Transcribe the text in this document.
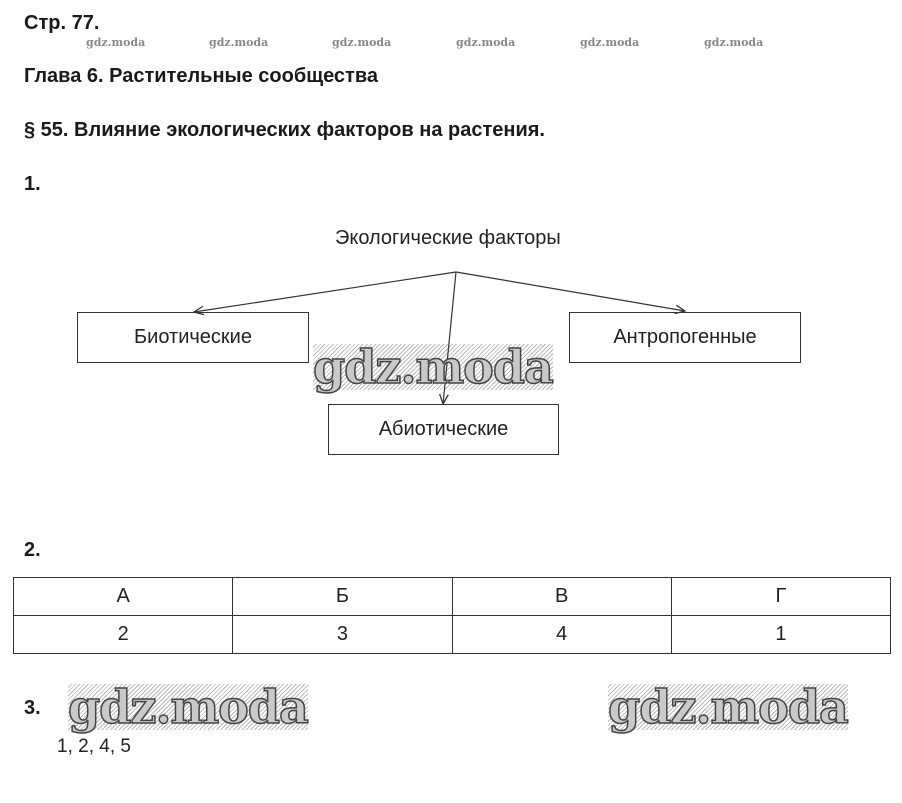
Стр. 77.
gdz.moda	gdz.moda	gdz.moda	gdz.moda	gdz.moda	gdz.moda
Глава 6. Растительные сообщества
§ 55. Влияние экологических факторов на растения.
1.
Экологические факторы
Биотические
Абиотические
Антропогенные
gdz.moda
2.
А	Б	В	Г
2	3	4	1
3. gdz.moda	gdz.moda
1, 2, 4, 5
